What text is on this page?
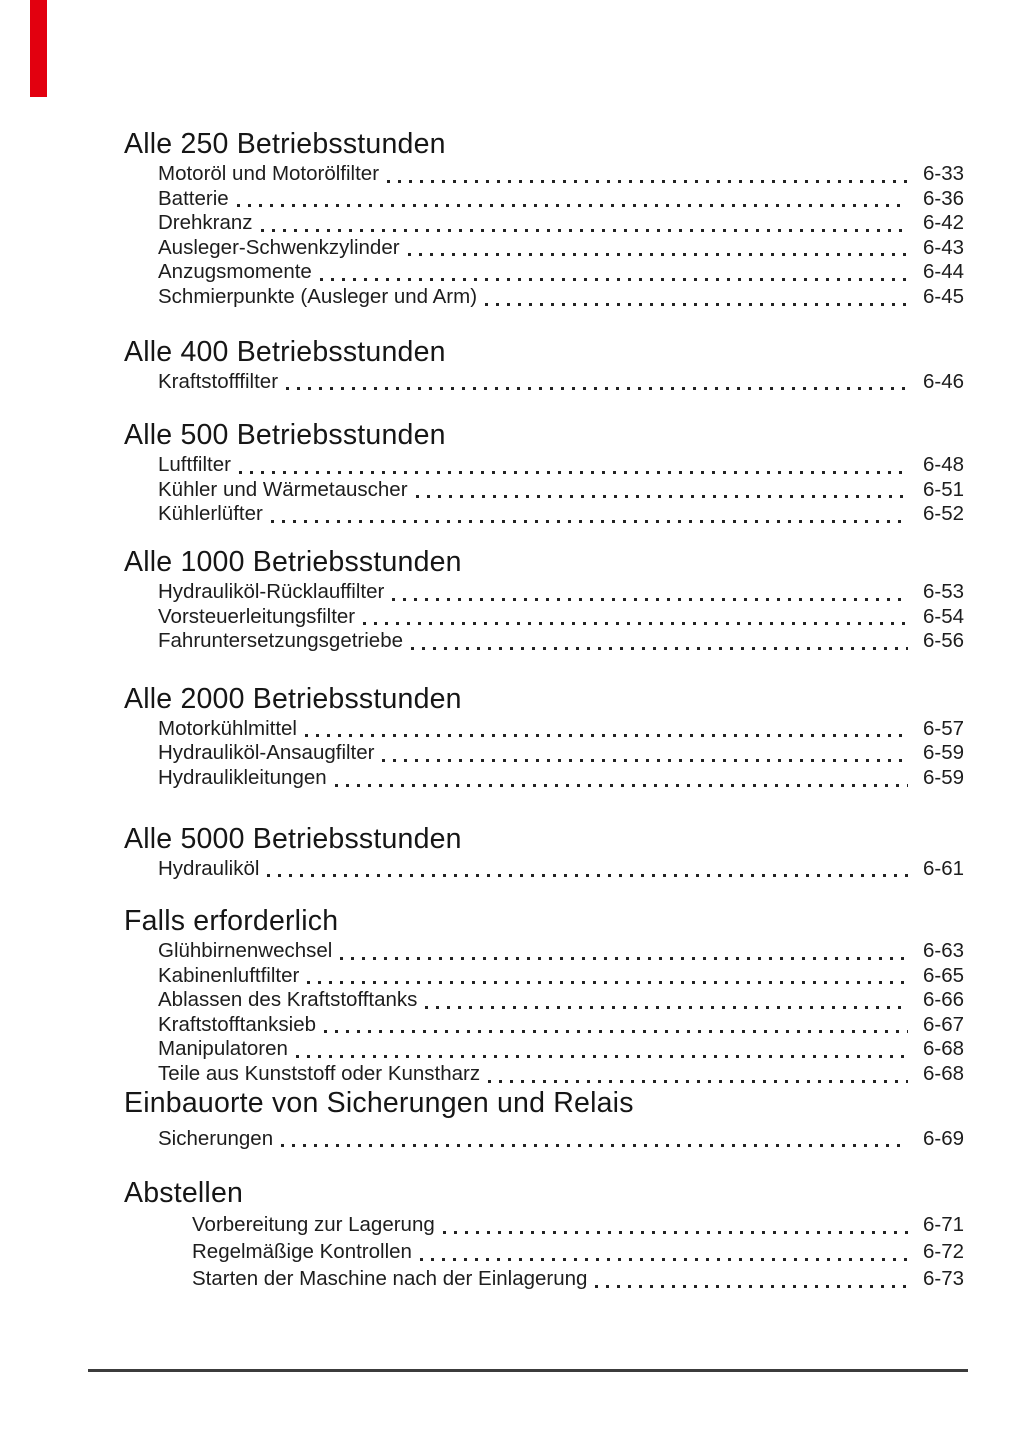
Alle 250 Betriebsstunden
Motoröl und Motorölfilter	6-33
Batterie	6-36
Drehkranz	6-42
Ausleger-Schwenkzylinder	6-43
Anzugsmomente	6-44
Schmierpunkte (Ausleger und Arm)	6-45
Alle 400 Betriebsstunden
Kraftstofffilter	6-46
Alle 500 Betriebsstunden
Luftfilter	6-48
Kühler und Wärmetauscher	6-51
Kühlerlüfter	6-52
Alle 1000 Betriebsstunden
Hydrauliköl-Rücklauffilter	6-53
Vorsteuerleitungsfilter	6-54
Fahruntersetzungsgetriebe	6-56
Alle 2000 Betriebsstunden
Motorkühlmittel	6-57
Hydrauliköl-Ansaugfilter	6-59
Hydraulikleitungen	6-59
Alle 5000 Betriebsstunden
Hydrauliköl	6-61
Falls erforderlich
Glühbirnenwechsel	6-63
Kabinenluftfilter	6-65
Ablassen des Kraftstofftanks	6-66
Kraftstofftanksieb	6-67
Manipulatoren	6-68
Teile aus Kunststoff oder Kunstharz	6-68
Einbauorte von Sicherungen und Relais
Sicherungen	6-69
Abstellen
Vorbereitung zur Lagerung	6-71
Regelmäßige Kontrollen	6-72
Starten der Maschine nach der Einlagerung	6-73
